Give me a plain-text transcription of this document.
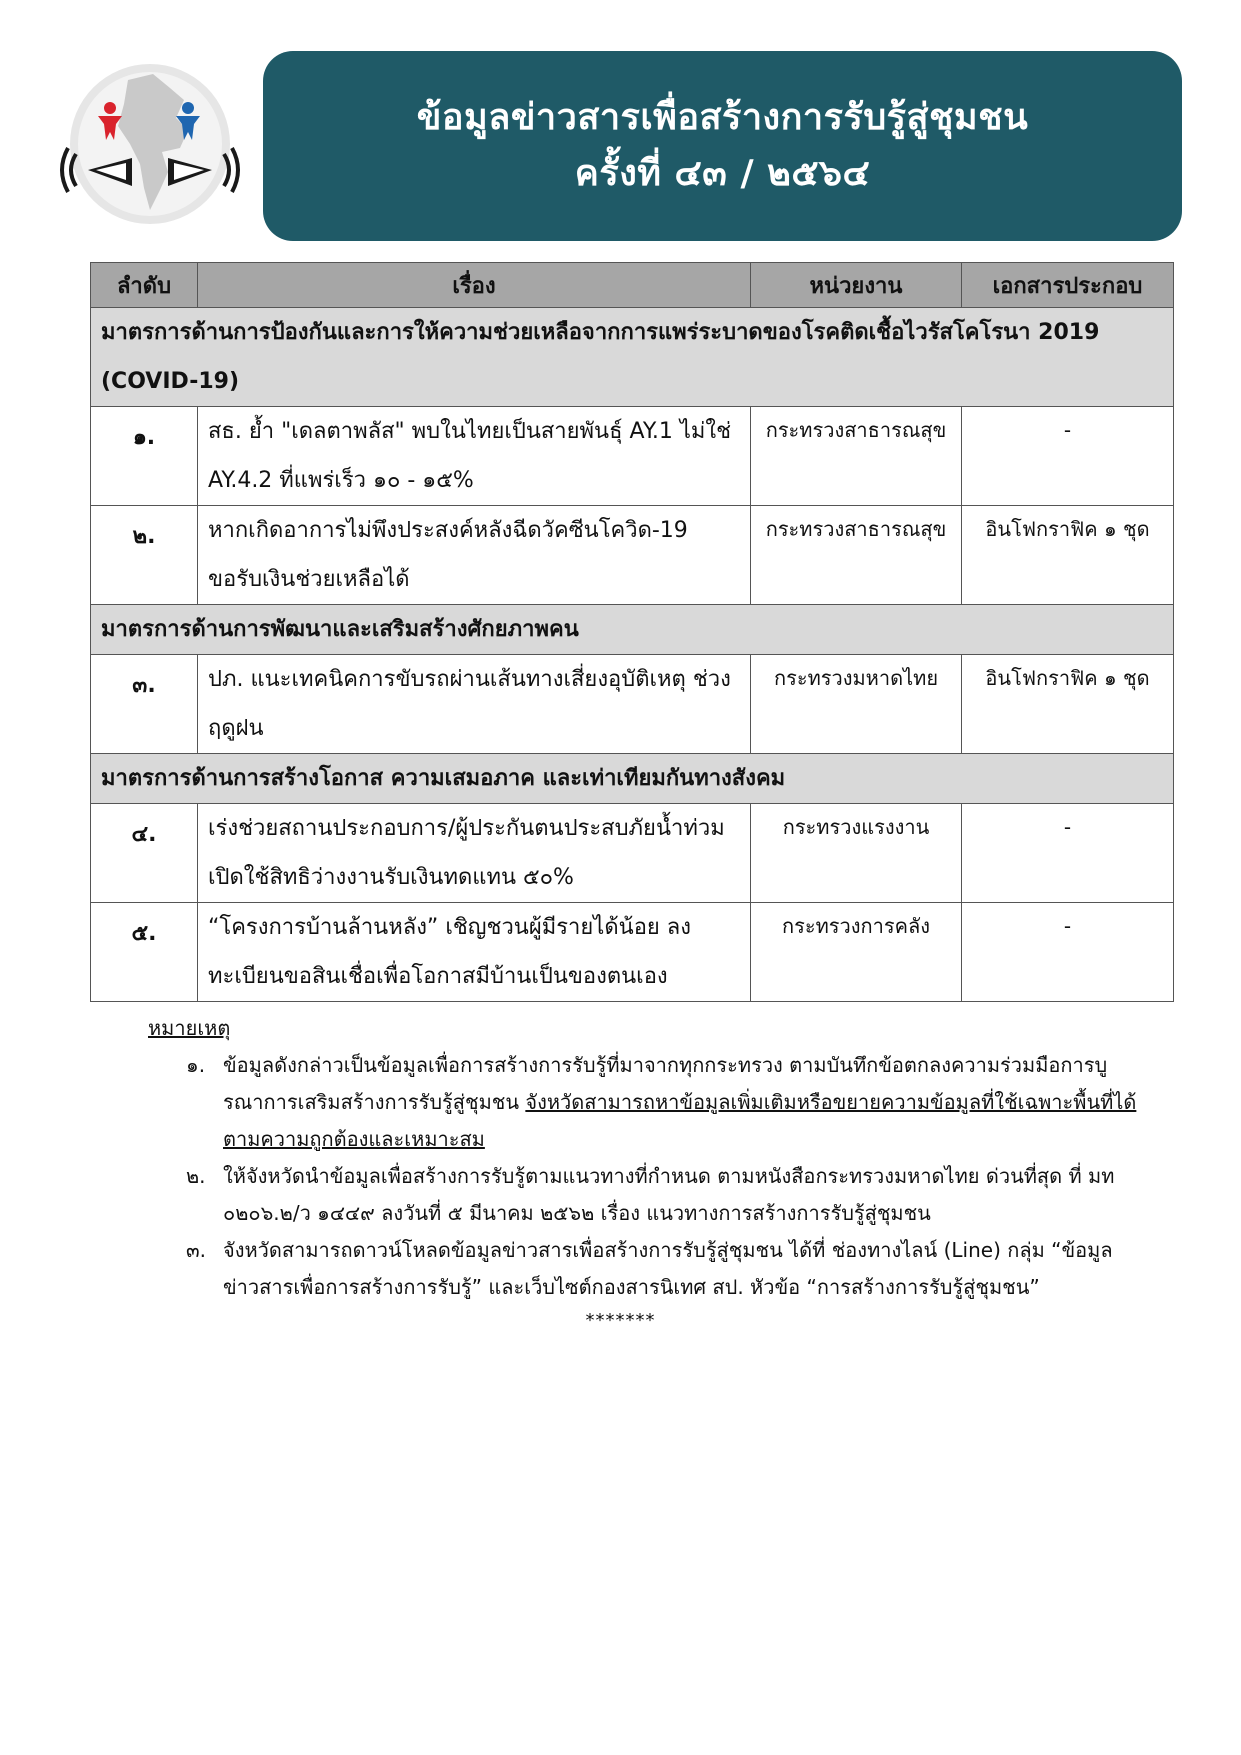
ข้อมูลข่าวสารเพื่อสร้างการรับรู้สู่ชุมชน
ครั้งที่ ๔๓ / ๒๕๖๔
ลำดับ	เรื่อง	หน่วยงาน	เอกสารประกอบ
มาตรการด้านการป้องกันและการให้ความช่วยเหลือจากการแพร่ระบาดของโรคติดเชื้อไวรัสโคโรนา 2019 (COVID-19)			
๑.	สธ. ย้ำ "เดลตาพลัส" พบในไทยเป็นสายพันธุ์ AY.1 ไม่ใช่ AY.4.2 ที่แพร่เร็ว ๑๐ - ๑๕%	กระทรวงสาธารณสุข	-
๒.	หากเกิดอาการไม่พึงประสงค์หลังฉีดวัคซีนโควิด-19 ขอรับเงินช่วยเหลือได้	กระทรวงสาธารณสุข	อินโฟกราฟิค ๑ ชุด
มาตรการด้านการพัฒนาและเสริมสร้างศักยภาพคน			
๓.	ปภ. แนะเทคนิคการขับรถผ่านเส้นทางเสี่ยงอุบัติเหตุ ช่วงฤดูฝน	กระทรวงมหาดไทย	อินโฟกราฟิค ๑ ชุด
มาตรการด้านการสร้างโอกาส ความเสมอภาค และเท่าเทียมกันทางสังคม			
๔.	เร่งช่วยสถานประกอบการ/ผู้ประกันตนประสบภัยน้ำท่วม เปิดใช้สิทธิว่างงานรับเงินทดแทน ๕๐%	กระทรวงแรงงาน	-
๕.	“โครงการบ้านล้านหลัง” เชิญชวนผู้มีรายได้น้อย ลงทะเบียนขอสินเชื่อเพื่อโอกาสมีบ้านเป็นของตนเอง	กระทรวงการคลัง	-
หมายเหตุ
๑. ข้อมูลดังกล่าวเป็นข้อมูลเพื่อการสร้างการรับรู้ที่มาจากทุกกระทรวง ตามบันทึกข้อตกลงความร่วมมือการบูรณาการเสริมสร้างการรับรู้สู่ชุมชน จังหวัดสามารถหาข้อมูลเพิ่มเติมหรือขยายความข้อมูลที่ใช้เฉพาะพื้นที่ได้ตามความถูกต้องและเหมาะสม
๒. ให้จังหวัดนำข้อมูลเพื่อสร้างการรับรู้ตามแนวทางที่กำหนด ตามหนังสือกระทรวงมหาดไทย ด่วนที่สุด ที่ มท ๐๒๐๖.๒/ว ๑๔๔๙ ลงวันที่ ๕ มีนาคม ๒๕๖๒ เรื่อง แนวทางการสร้างการรับรู้สู่ชุมชน
๓. จังหวัดสามารถดาวน์โหลดข้อมูลข่าวสารเพื่อสร้างการรับรู้สู่ชุมชน ได้ที่ ช่องทางไลน์ (Line) กลุ่ม “ข้อมูลข่าวสารเพื่อการสร้างการรับรู้” และเว็บไซต์กองสารนิเทศ สป. หัวข้อ “การสร้างการรับรู้สู่ชุมชน”
*******
